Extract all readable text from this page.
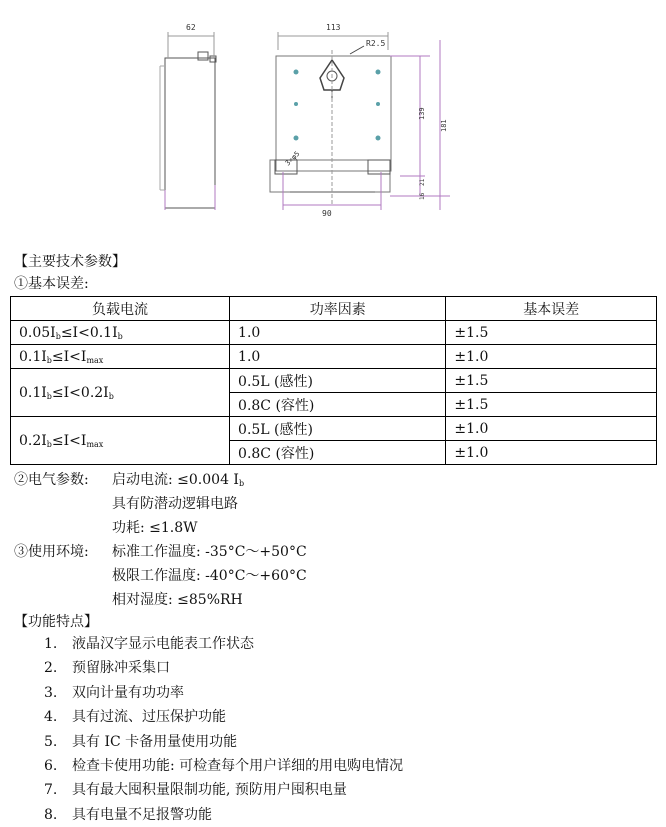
62	113
R2.5
90
3×φ5
139
181
21
16
【主要技术参数】
①基本误差:
负载电流	功率因素	基本误差
$0.05I_b\le I<0.1I_b$	1.0	±1.5
$0.1I_b\le I<I_{max}$	1.0	±1.0
$0.1I_b\le I<0.2I_b$	0.5L (感性)	±1.5
	0.8C (容性)	±1.5
$0.2I_b\le I<I_{max}$	0.5L (感性)	±1.0
	0.8C (容性)	±1.0
②电气参数: 启动电流: ≤0.004 $I_b$
具有防潜动逻辑电路
功耗: ≤1.8W
③使用环境: 标准工作温度: -35°C～+50°C
极限工作温度: -40°C～+60°C
相对湿度: ≤85%RH
【功能特点】
1. 液晶汉字显示电能表工作状态
2. 预留脉冲采集口
3. 双向计量有功功率
4. 具有过流、过压保护功能
5. 具有 IC 卡备用量使用功能
6. 检查卡使用功能: 可检查每个用户详细的用电购电情况
7. 具有最大囤积量限制功能, 预防用户囤积电量
8. 具有电量不足报警功能
